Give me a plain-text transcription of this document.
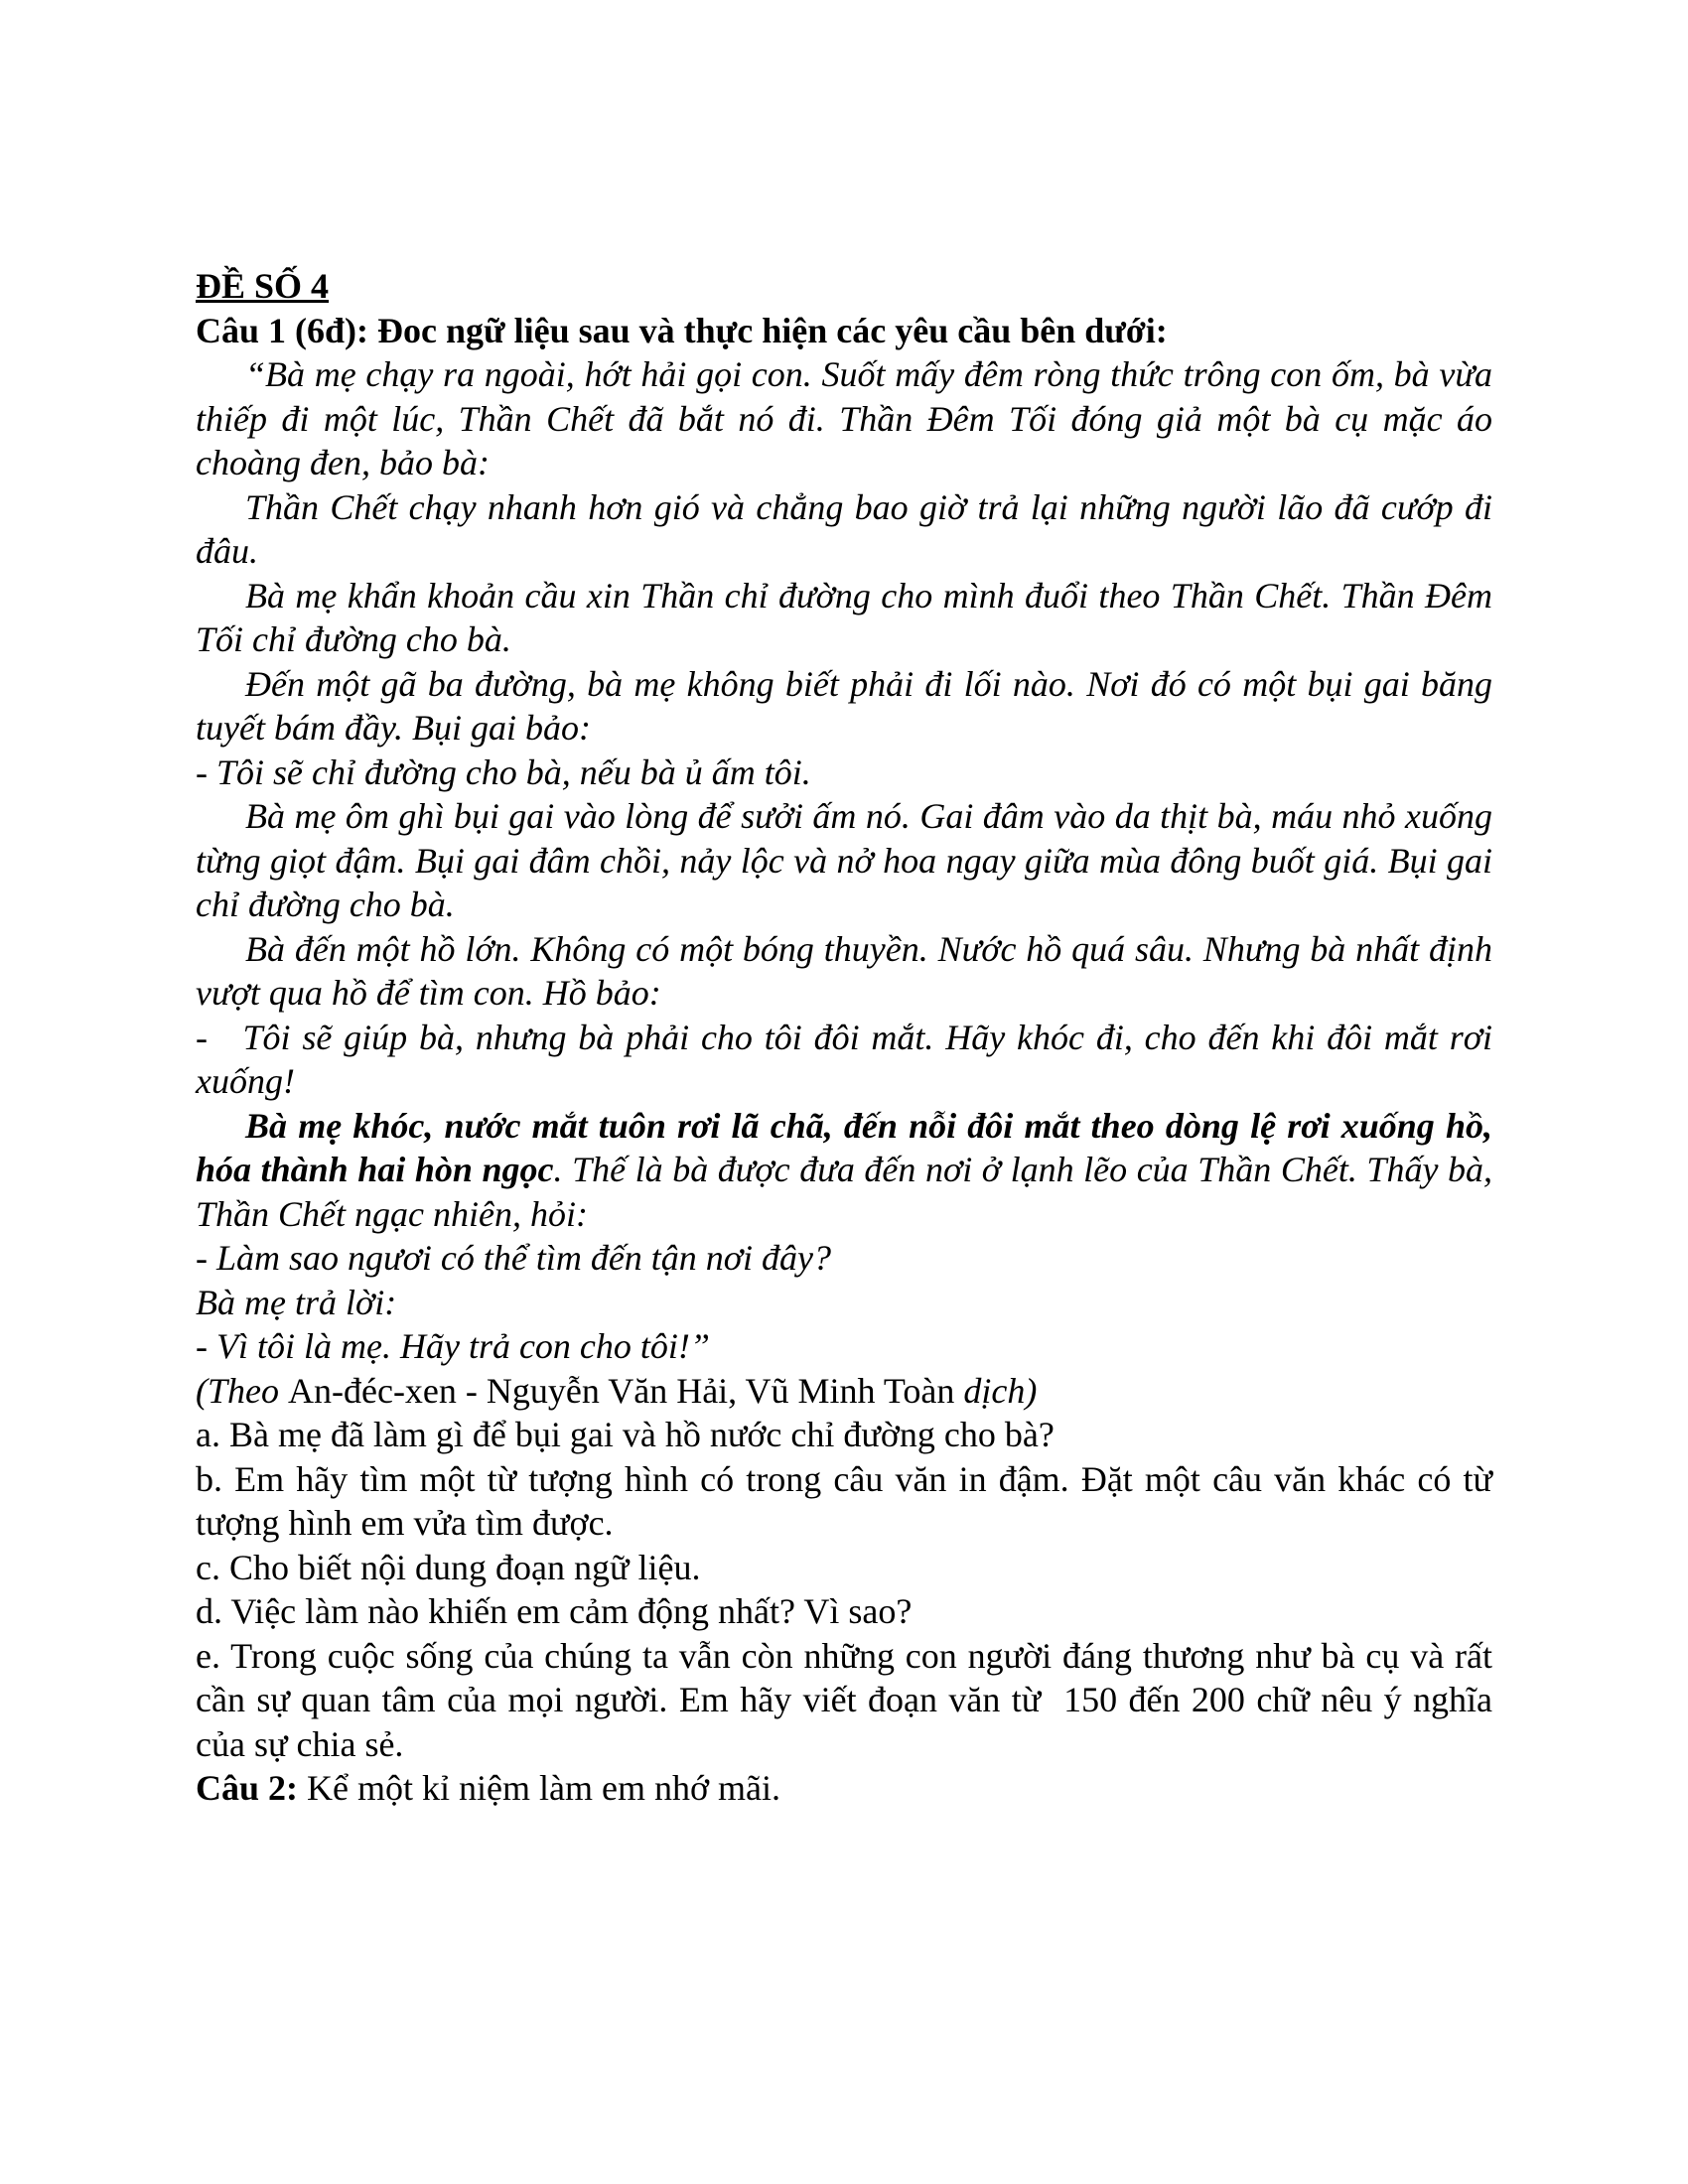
ĐỀ SỐ 4

Câu 1 (6đ): Đoc ngữ liệu sau và thực hiện các yêu cầu bên dưới:

“Bà mẹ chạy ra ngoài, hớt hải gọi con. Suốt mấy đêm ròng thức trông con ốm, bà vừa thiếp đi một lúc, Thần Chết đã bắt nó đi. Thần Đêm Tối đóng giả một bà cụ mặc áo choàng đen, bảo bà:

Thần Chết chạy nhanh hơn gió và chẳng bao giờ trả lại những người lão đã cướp đi đâu.

Bà mẹ khẩn khoản cầu xin Thần chỉ đường cho mình đuổi theo Thần Chết. Thần Đêm Tối chỉ đường cho bà.

Đến một gã ba đường, bà mẹ không biết phải đi lối nào. Nơi đó có một bụi gai băng tuyết bám đầy. Bụi gai bảo:

- Tôi sẽ chỉ đường cho bà, nếu bà ủ ấm tôi.

Bà mẹ ôm ghì bụi gai vào lòng để sưởi ấm nó. Gai đâm vào da thịt bà, máu nhỏ xuống từng giọt đậm. Bụi gai đâm chồi, nảy lộc và nở hoa ngay giữa mùa đông buốt giá. Bụi gai chỉ đường cho bà.

Bà đến một hồ lớn. Không có một bóng thuyền. Nước hồ quá sâu. Nhưng bà nhất định vượt qua hồ để tìm con. Hồ bảo:

-   Tôi sẽ giúp bà, nhưng bà phải cho tôi đôi mắt. Hãy khóc đi, cho đến khi đôi mắt rơi xuống!

Bà mẹ khóc, nước mắt tuôn rơi lã chã, đến nỗi đôi mắt theo dòng lệ rơi xuống hồ, hóa thành hai hòn ngọc. Thế là bà được đưa đến nơi ở lạnh lẽo của Thần Chết. Thấy bà, Thần Chết ngạc nhiên, hỏi:

- Làm sao ngươi có thể tìm đến tận nơi đây?

Bà mẹ trả lời:

- Vì tôi là mẹ. Hãy trả con cho tôi!”

(Theo An-đéc-xen - Nguyễn Văn Hải, Vũ Minh Toàn dịch)

a. Bà mẹ đã làm gì để bụi gai và hồ nước chỉ đường cho bà?

b. Em hãy tìm một từ tượng hình có trong câu văn in đậm. Đặt một câu văn khác có từ tượng hình em vửa tìm được.

c. Cho biết nội dung đoạn ngữ liệu.

d. Việc làm nào khiến em cảm động nhất? Vì sao?

e. Trong cuộc sống của chúng ta vẫn còn những con người đáng thương như bà cụ và rất cần sự quan tâm của mọi người. Em hãy viết đoạn văn từ  150 đến 200 chữ nêu ý nghĩa của sự chia sẻ.

Câu 2: Kể một kỉ niệm làm em nhớ mãi.
